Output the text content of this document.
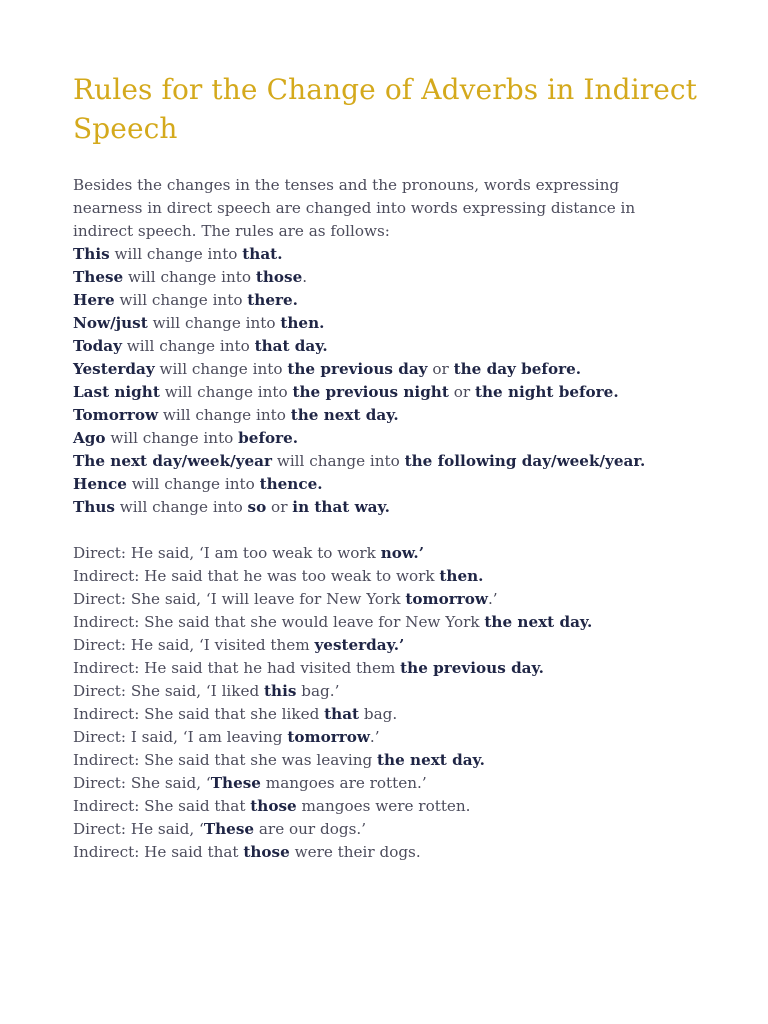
Rules for the Change of Adverbs in Indirect Speech
Besides the changes in the tenses and the pronouns, words expressing
nearness in direct speech are changed into words expressing distance in
indirect speech. The rules are as follows:
This will change into that.
These will change into those.
Here will change into there.
Now/just will change into then.
Today will change into that day.
Yesterday will change into the previous day or the day before.
Last night will change into the previous night or the night before.
Tomorrow will change into the next day.
Ago will change into before.
The next day/week/year will change into the following day/week/year.
Hence will change into thence.
Thus will change into so or in that way.
Direct: He said, ‘I am too weak to work now.’
Indirect: He said that he was too weak to work then.
Direct: She said, ‘I will leave for New York tomorrow.’
Indirect: She said that she would leave for New York the next day.
Direct: He said, ‘I visited them yesterday.’
Indirect: He said that he had visited them the previous day.
Direct: She said, ‘I liked this bag.’
Indirect: She said that she liked that bag.
Direct: I said, ‘I am leaving tomorrow.’
Indirect: She said that she was leaving the next day.
Direct: She said, ‘These mangoes are rotten.’
Indirect: She said that those mangoes were rotten.
Direct: He said, ‘These are our dogs.’
Indirect: He said that those were their dogs.
